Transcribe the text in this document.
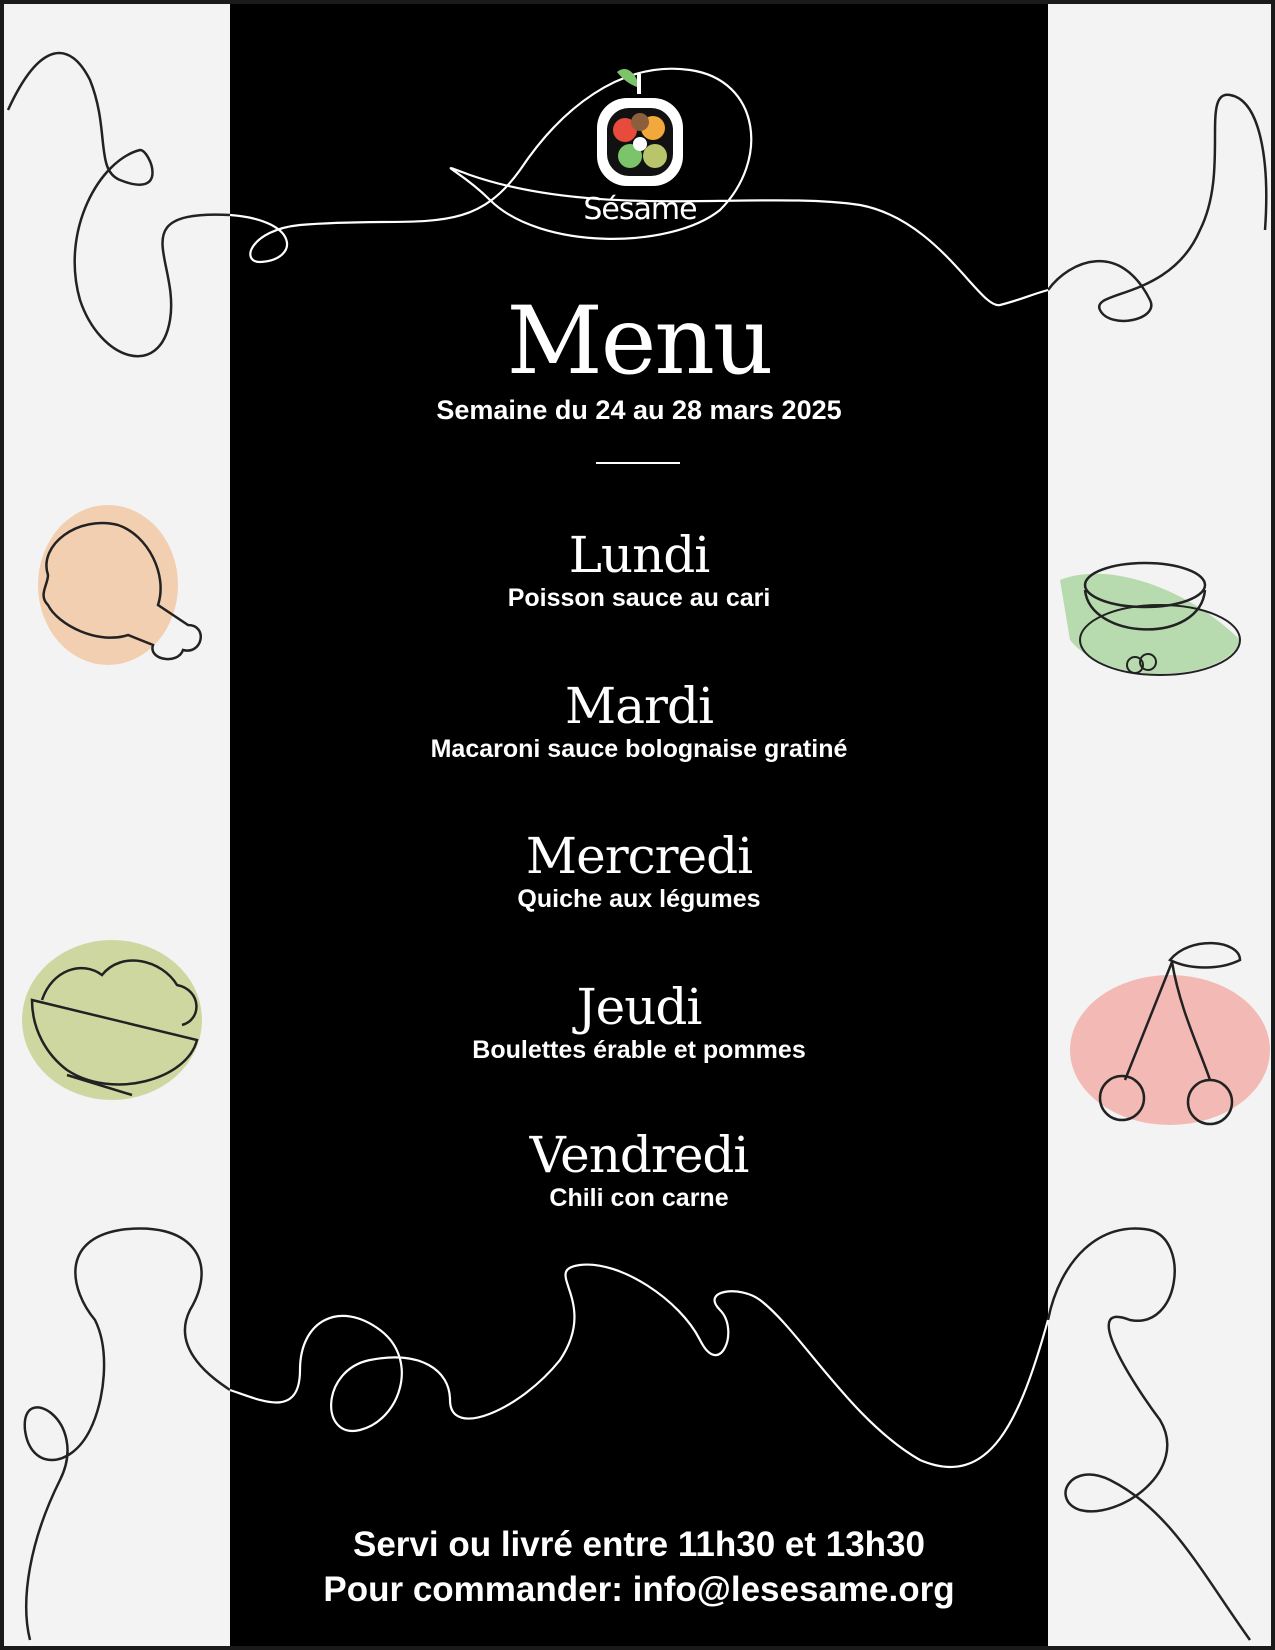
Sésame
Menu
Semaine du 24 au 28 mars 2025
Lundi
Poisson sauce au cari
Mardi
Macaroni sauce bolognaise gratiné
Mercredi
Quiche aux légumes
Jeudi
Boulettes érable et pommes
Vendredi
Chili con carne
Servi ou livré entre 11h30 et 13h30
Pour commander: info@lesesame.org
